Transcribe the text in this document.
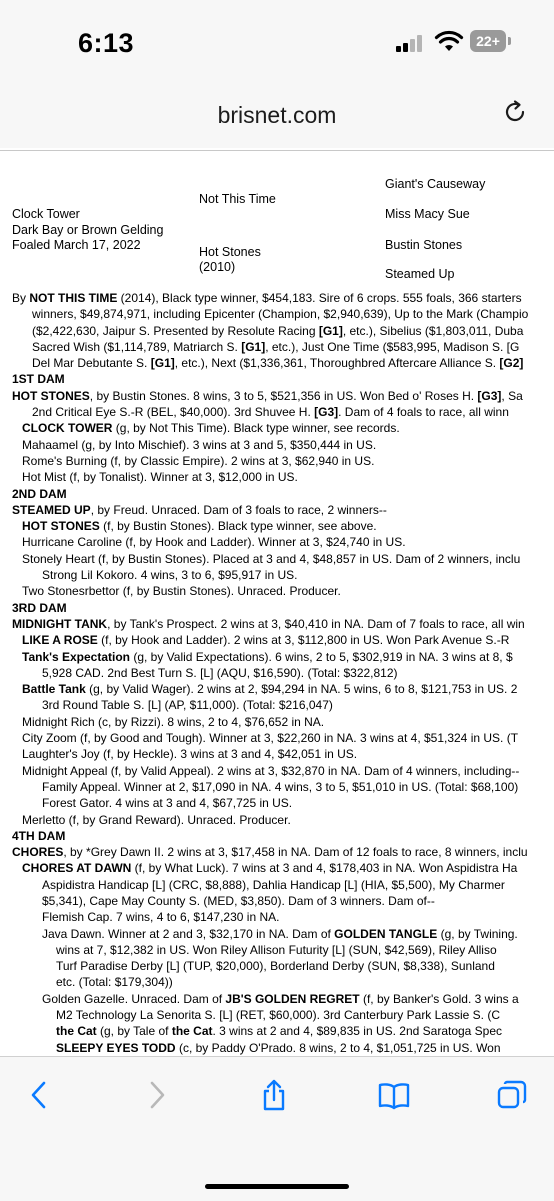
6:13	22+
brisnet.com
Giant's Causeway
Not This Time
Clock Tower	Miss Macy Sue
Dark Bay or Brown Gelding
Foaled March 17, 2022	Bustin Stones
Hot Stones
(2010)	Steamed Up
By NOT THIS TIME (2014), Black type winner, $454,183. Sire of 6 crops. 555 foals, 366 starters
winners, $49,874,971, including Epicenter (Champion, $2,940,639), Up to the Mark (Champio
($2,422,630, Jaipur S. Presented by Resolute Racing [G1], etc.), Sibelius ($1,803,011, Duba
Sacred Wish ($1,114,789, Matriarch S. [G1], etc.), Just One Time ($583,995, Madison S. [G
Del Mar Debutante S. [G1], etc.), Next ($1,336,361, Thoroughbred Aftercare Alliance S. [G2]
1ST DAM
HOT STONES, by Bustin Stones. 8 wins, 3 to 5, $521,356 in US. Won Bed o' Roses H. [G3], Sa
2nd Critical Eye S.-R (BEL, $40,000). 3rd Shuvee H. [G3]. Dam of 4 foals to race, all winn
CLOCK TOWER (g, by Not This Time). Black type winner, see records.
Mahaamel (g, by Into Mischief). 3 wins at 3 and 5, $350,444 in US.
Rome's Burning (f, by Classic Empire). 2 wins at 3, $62,940 in US.
Hot Mist (f, by Tonalist). Winner at 3, $12,000 in US.
2ND DAM
STEAMED UP, by Freud. Unraced. Dam of 3 foals to race, 2 winners--
HOT STONES (f, by Bustin Stones). Black type winner, see above.
Hurricane Caroline (f, by Hook and Ladder). Winner at 3, $24,740 in US.
Stonely Heart (f, by Bustin Stones). Placed at 3 and 4, $48,857 in US. Dam of 2 winners, inclu
Strong Lil Kokoro. 4 wins, 3 to 6, $95,917 in US.
Two Stonesrbettor (f, by Bustin Stones). Unraced. Producer.
3RD DAM
MIDNIGHT TANK, by Tank's Prospect. 2 wins at 3, $40,410 in NA. Dam of 7 foals to race, all win
LIKE A ROSE (f, by Hook and Ladder). 2 wins at 3, $112,800 in US. Won Park Avenue S.-R
Tank's Expectation (g, by Valid Expectations). 6 wins, 2 to 5, $302,919 in NA. 3 wins at 8, $
5,928 CAD. 2nd Best Turn S. [L] (AQU, $16,590). (Total: $322,812)
Battle Tank (g, by Valid Wager). 2 wins at 2, $94,294 in NA. 5 wins, 6 to 8, $121,753 in US. 2
3rd Round Table S. [L] (AP, $11,000). (Total: $216,047)
Midnight Rich (c, by Rizzi). 8 wins, 2 to 4, $76,652 in NA.
City Zoom (f, by Good and Tough). Winner at 3, $22,260 in NA. 3 wins at 4, $51,324 in US. (T
Laughter's Joy (f, by Heckle). 3 wins at 3 and 4, $42,051 in US.
Midnight Appeal (f, by Valid Appeal). 2 wins at 3, $32,870 in NA. Dam of 4 winners, including--
Family Appeal. Winner at 2, $17,090 in NA. 4 wins, 3 to 5, $51,010 in US. (Total: $68,100)
Forest Gator. 4 wins at 3 and 4, $67,725 in US.
Merletto (f, by Grand Reward). Unraced. Producer.
4TH DAM
CHORES, by *Grey Dawn II. 2 wins at 3, $17,458 in NA. Dam of 12 foals to race, 8 winners, inclu
CHORES AT DAWN (f, by What Luck). 7 wins at 3 and 4, $178,403 in NA. Won Aspidistra Ha
Aspidistra Handicap [L] (CRC, $8,888), Dahlia Handicap [L] (HIA, $5,500), My Charmer
$5,341), Cape May County S. (MED, $3,850). Dam of 3 winners. Dam of--
Flemish Cap. 7 wins, 4 to 6, $147,230 in NA.
Java Dawn. Winner at 2 and 3, $32,170 in NA. Dam of GOLDEN TANGLE (g, by Twining.
wins at 7, $12,382 in US. Won Riley Allison Futurity [L] (SUN, $42,569), Riley Alliso
Turf Paradise Derby [L] (TUP, $20,000), Borderland Derby (SUN, $8,338), Sunland
etc. (Total: $179,304))
Golden Gazelle. Unraced. Dam of JB'S GOLDEN REGRET (f, by Banker's Gold. 3 wins a
M2 Technology La Senorita S. [L] (RET, $60,000). 3rd Canterbury Park Lassie S. (C
the Cat (g, by Tale of the Cat. 3 wins at 2 and 4, $89,835 in US. 2nd Saratoga Spec
SLEEPY EYES TODD (c, by Paddy O'Prado. 8 wins, 2 to 4, $1,051,725 in US. Won
